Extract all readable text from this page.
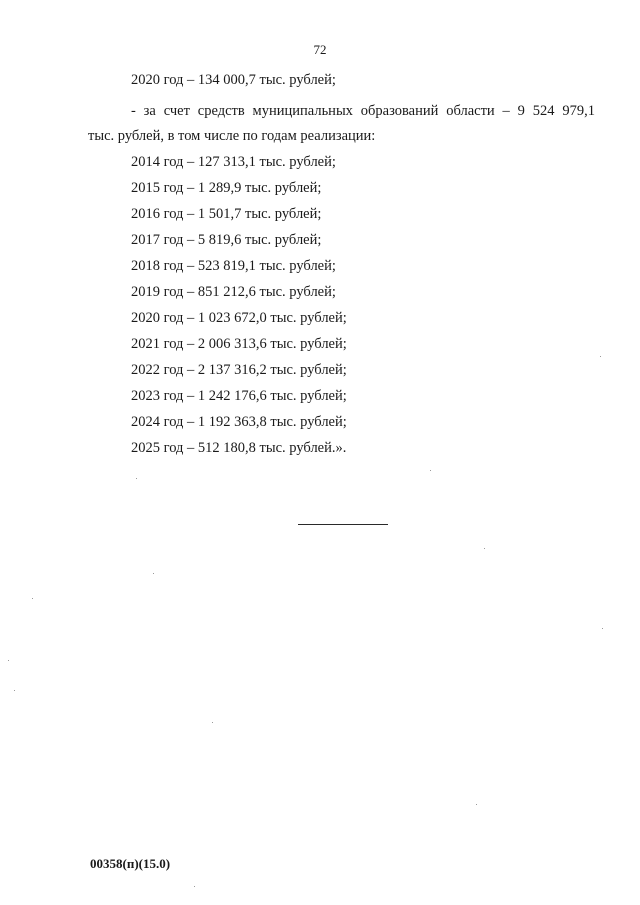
72
2020 год – 134 000,7 тыс. рублей;
- за счет средств муниципальных образований области – 9 524 979,1
тыс. рублей, в том числе по годам реализации:
2014 год – 127 313,1 тыс. рублей;
2015 год – 1 289,9 тыс. рублей;
2016 год – 1 501,7 тыс. рублей;
2017 год – 5 819,6 тыс. рублей;
2018 год – 523 819,1 тыс. рублей;
2019 год – 851 212,6 тыс. рублей;
2020 год – 1 023 672,0 тыс. рублей;
2021 год – 2 006 313,6 тыс. рублей;
2022 год – 2 137 316,2 тыс. рублей;
2023 год – 1 242 176,6 тыс. рублей;
2024 год – 1 192 363,8 тыс. рублей;
2025 год – 512 180,8 тыс. рублей.».
00358(п)(15.0)
